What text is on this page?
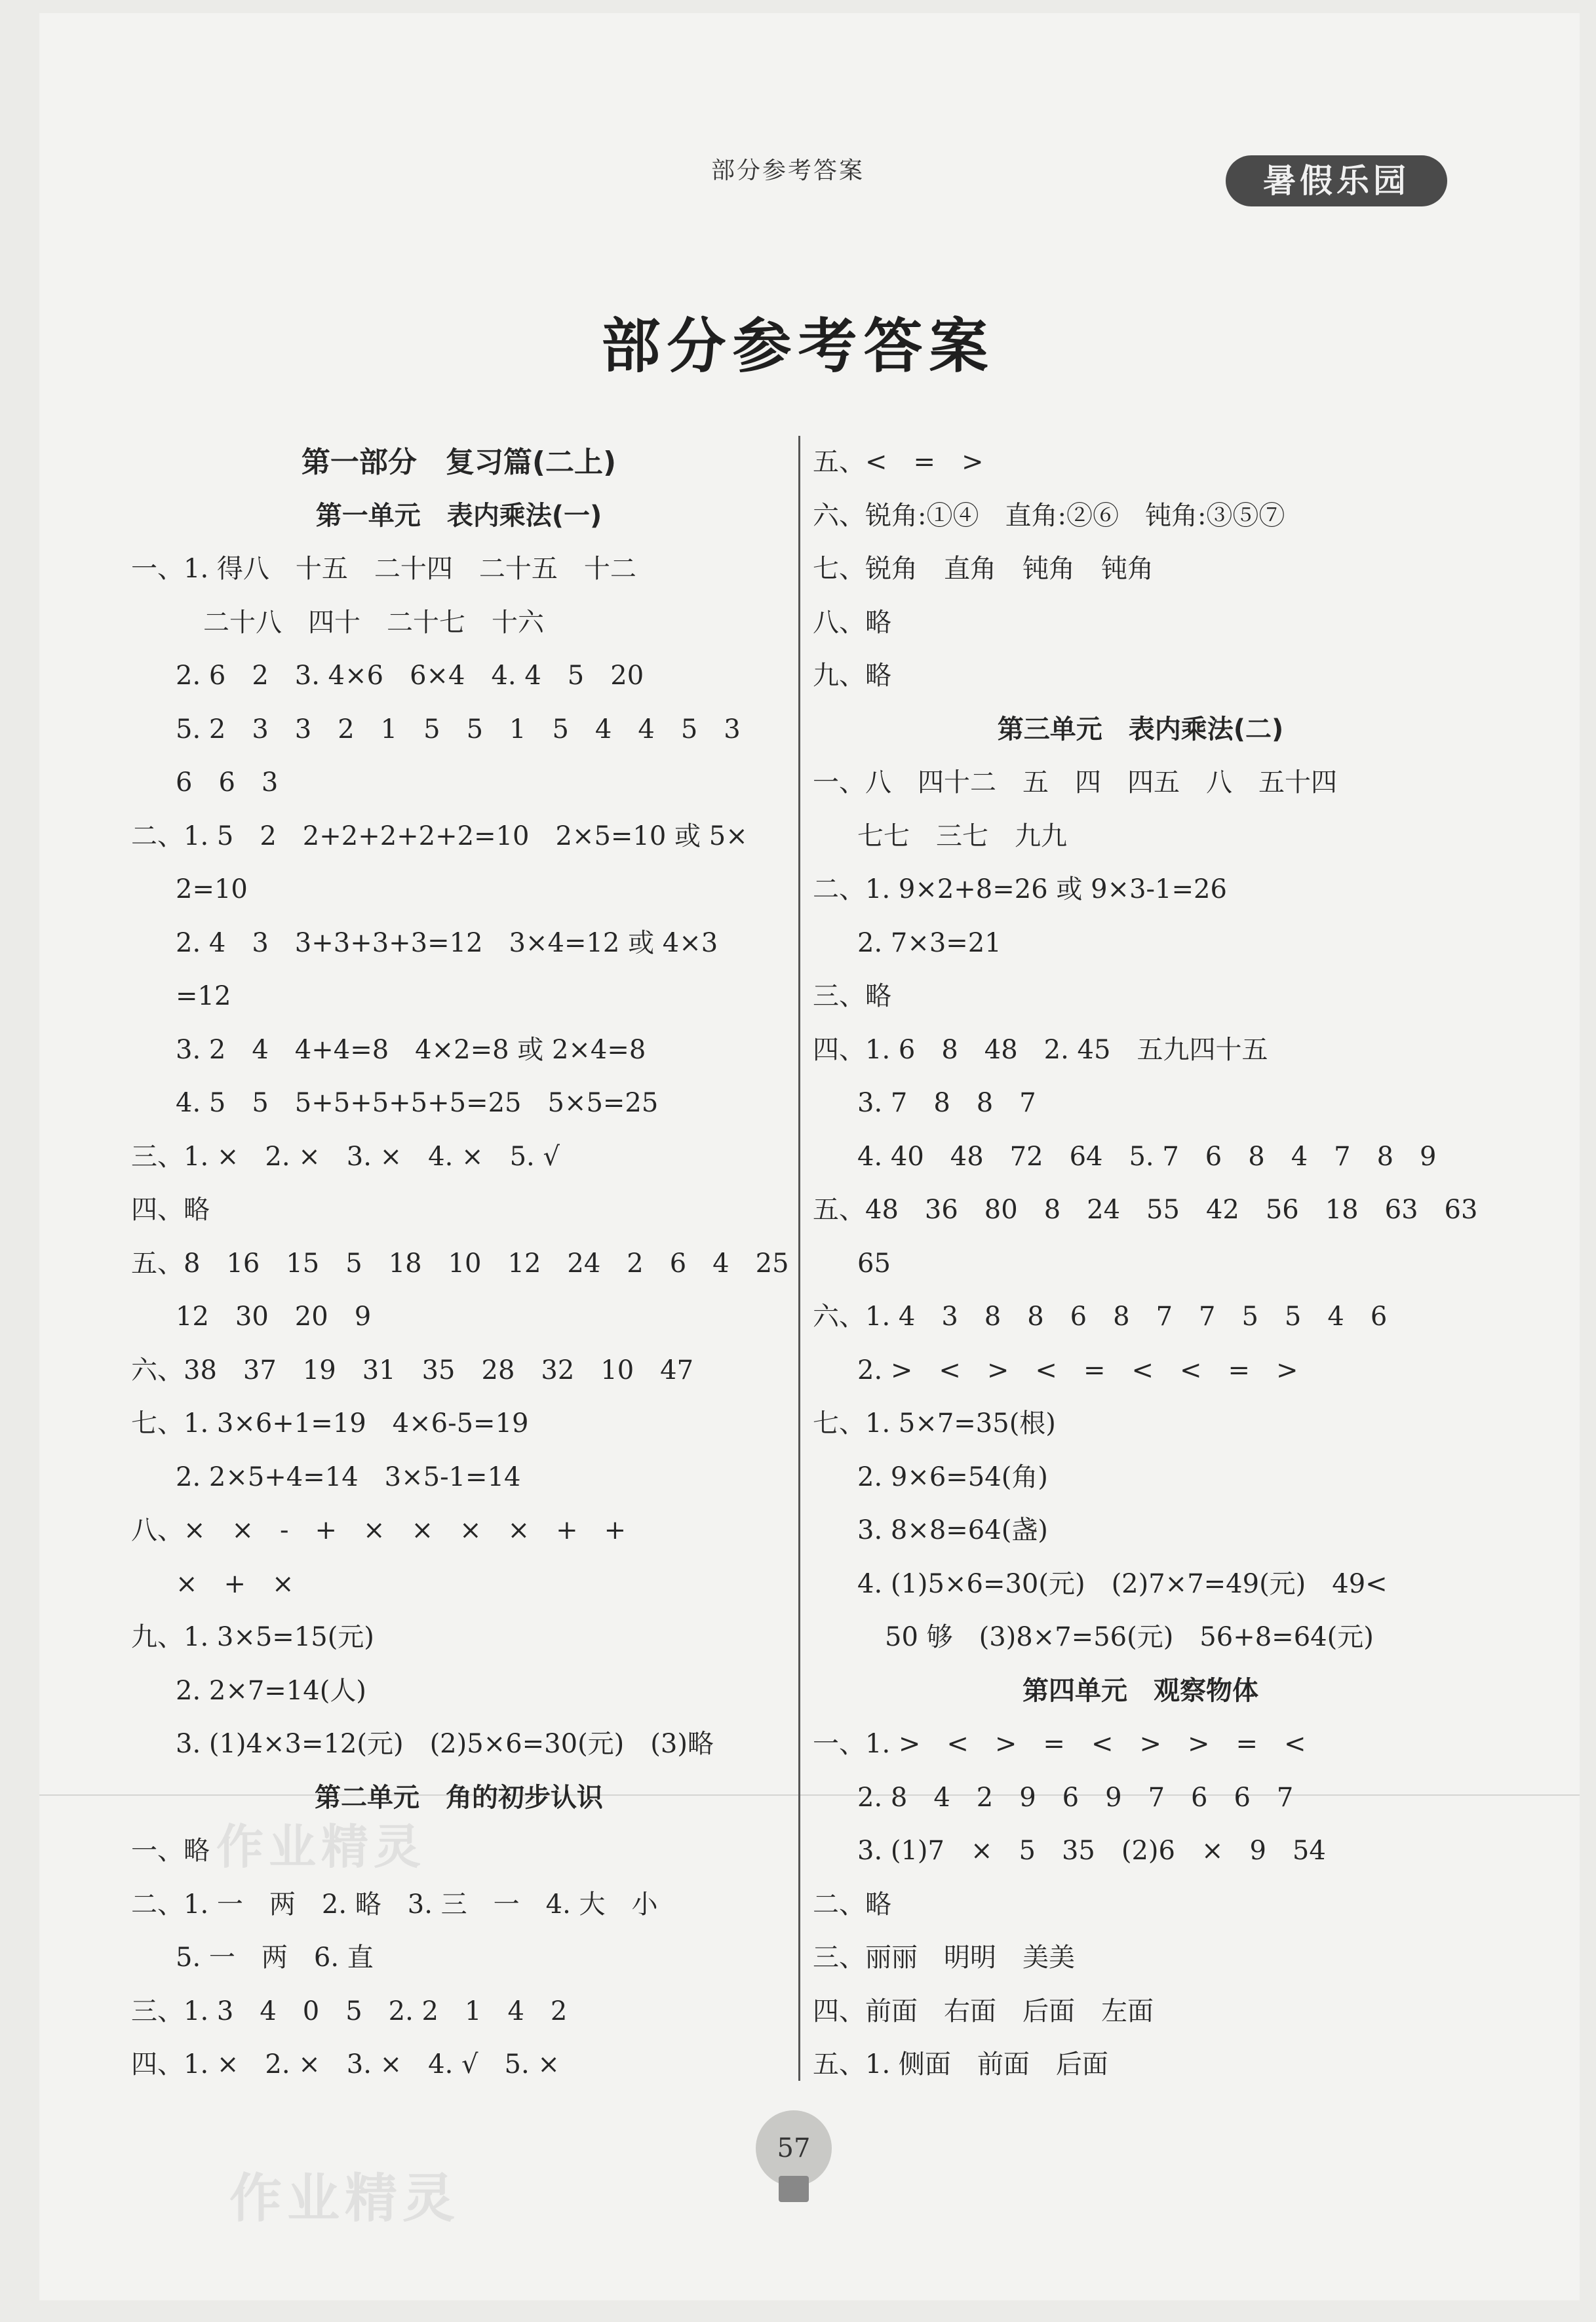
部分参考答案	暑假乐园
部分参考答案
第一部分　复习篇(二上)
第一单元　表内乘法(一)
一、1. 得八　十五　二十四　二十五　十二
二十八　四十　二十七　十六
2. 6　2　3. 4×6　6×4　4. 4　5　20
5. 2　3　3　2　1　5　5　1　5　4　4　5　3
6　6　3
二、1. 5　2　2+2+2+2+2=10　2×5=10 或 5×
2=10
2. 4　3　3+3+3+3=12　3×4=12 或 4×3
=12
3. 2　4　4+4=8　4×2=8 或 2×4=8
4. 5　5　5+5+5+5+5=25　5×5=25
三、1. ×　2. ×　3. ×　4. ×　5. √
四、略
五、8　16　15　5　18　10　12　24　2　6　4　25
12　30　20　9
六、38　37　19　31　35　28　32　10　47
七、1. 3×6+1=19　4×6-5=19
2. 2×5+4=14　3×5-1=14
八、×　×　-　+　×　×　×　×　+　+
×　+　×
九、1. 3×5=15(元)
2. 2×7=14(人)
3. (1)4×3=12(元)　(2)5×6=30(元)　(3)略
第二单元　角的初步认识
一、略
二、1. 一　两　2. 略　3. 三　一　4. 大　小
5. 一　两　6. 直
三、1. 3　4　0　5　2. 2　1　4　2
四、1. ×　2. ×　3. ×　4. √　5. ×
五、<　=　>
六、锐角:①④　直角:②⑥　钝角:③⑤⑦
七、锐角　直角　钝角　钝角
八、略
九、略
第三单元　表内乘法(二)
一、八　四十二　五　四　四五　八　五十四
七七　三七　九九
二、1. 9×2+8=26 或 9×3-1=26
2. 7×3=21
三、略
四、1. 6　8　48　2. 45　五九四十五
3. 7　8　8　7
4. 40　48　72　64　5. 7　6　8　4　7　8　9
五、48　36　80　8　24　55　42　56　18　63　63
65
六、1. 4　3　8　8　6　8　7　7　5　5　4　6
2. >　<　>　<　=　<　<　=　>
七、1. 5×7=35(根)
2. 9×6=54(角)
3. 8×8=64(盏)
4. (1)5×6=30(元)　(2)7×7=49(元)　49<
50 够　(3)8×7=56(元)　56+8=64(元)
第四单元　观察物体
一、1. >　<　>　=　<　>　>　=　<
2. 8　4　2　9　6　9　7　6　6　7
3. (1)7　×　5　35　(2)6　×　9　54
二、略
三、丽丽　明明　美美
四、前面　右面　后面　左面
五、1. 侧面　前面　后面
作业精灵
作业精灵
57
